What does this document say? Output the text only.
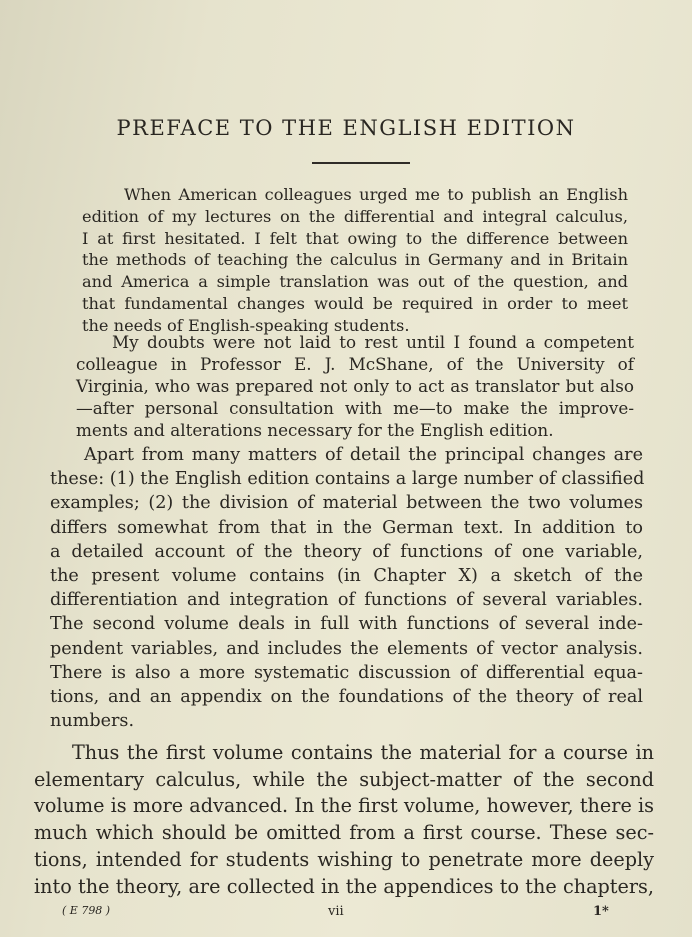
PREFACE TO THE ENGLISH EDITION

When American colleagues urged me to publish an English
edition of my lectures on the differential and integral calculus,
I at first hesitated. I felt that owing to the difference between
the methods of teaching the calculus in Germany and in Britain
and America a simple translation was out of the question, and
that fundamental changes would be required in order to meet
the needs of English-speaking students.

My doubts were not laid to rest until I found a competent
colleague in Professor E. J. McShane, of the University of
Virginia, who was prepared not only to act as translator but also
—after personal consultation with me—to make the improve-
ments and alterations necessary for the English edition.

Apart from many matters of detail the principal changes are
these: (1) the English edition contains a large number of classified
examples; (2) the division of material between the two volumes
differs somewhat from that in the German text. In addition to
a detailed account of the theory of functions of one variable,
the present volume contains (in Chapter X) a sketch of the
differentiation and integration of functions of several variables.
The second volume deals in full with functions of several inde-
pendent variables, and includes the elements of vector analysis.
There is also a more systematic discussion of differential equa-
tions, and an appendix on the foundations of the theory of real
numbers.

Thus the first volume contains the material for a course in
elementary calculus, while the subject-matter of the second
volume is more advanced. In the first volume, however, there is
much which should be omitted from a first course. These sec-
tions, intended for students wishing to penetrate more deeply
into the theory, are collected in the appendices to the chapters,

( E 798 )	vii	1*
